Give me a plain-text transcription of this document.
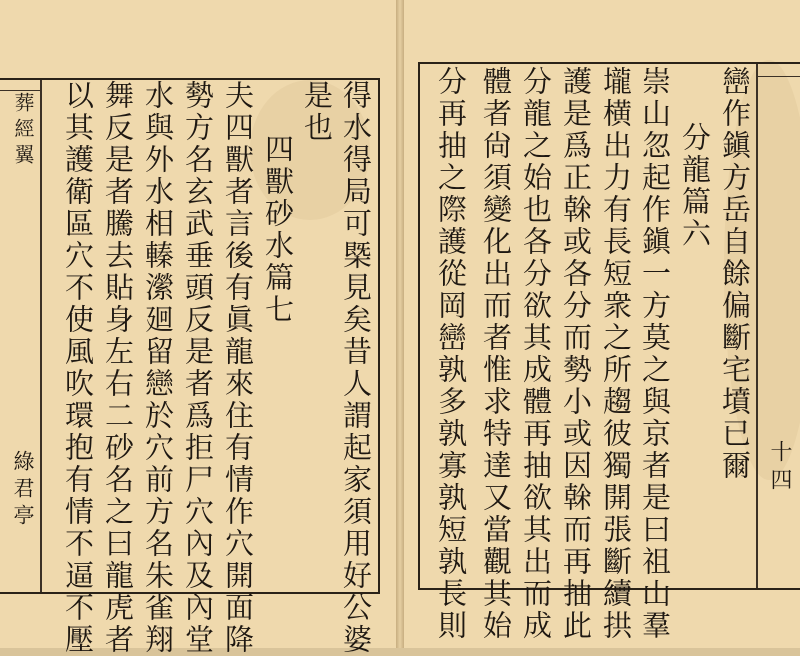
葬經翼
綠君亭	得水得局可槩見矣昔人謂起家須用好公婆
是也
四獸砂水篇七
夫四獸者言後有眞龍來住有情作穴開面降
勢方名玄武垂頭反是者爲拒尸穴內及內堂
水與外水相轃瀠廻留戀於穴前方名朱雀翔
舞反是者騰去貼身左右二砂名之曰龍虎者
以其護衛區穴不使風吹環抱有情不逼不壓	十四
巒作鎭方岳自餘偏斷宅墳已爾
分龍篇六
崇山忽起作鎭一方莫之與京者是曰祖山羣
壠横出力有長短衆之所趨彼獨開張斷續拱
護是爲正榦或各分而勢小或因榦而再抽此
分龍之始也各分欲其成體再抽欲其出而成
體者尙須變化出而者惟求特達又當觀其始
分再抽之際護從岡巒孰多孰寡孰短孰長則
